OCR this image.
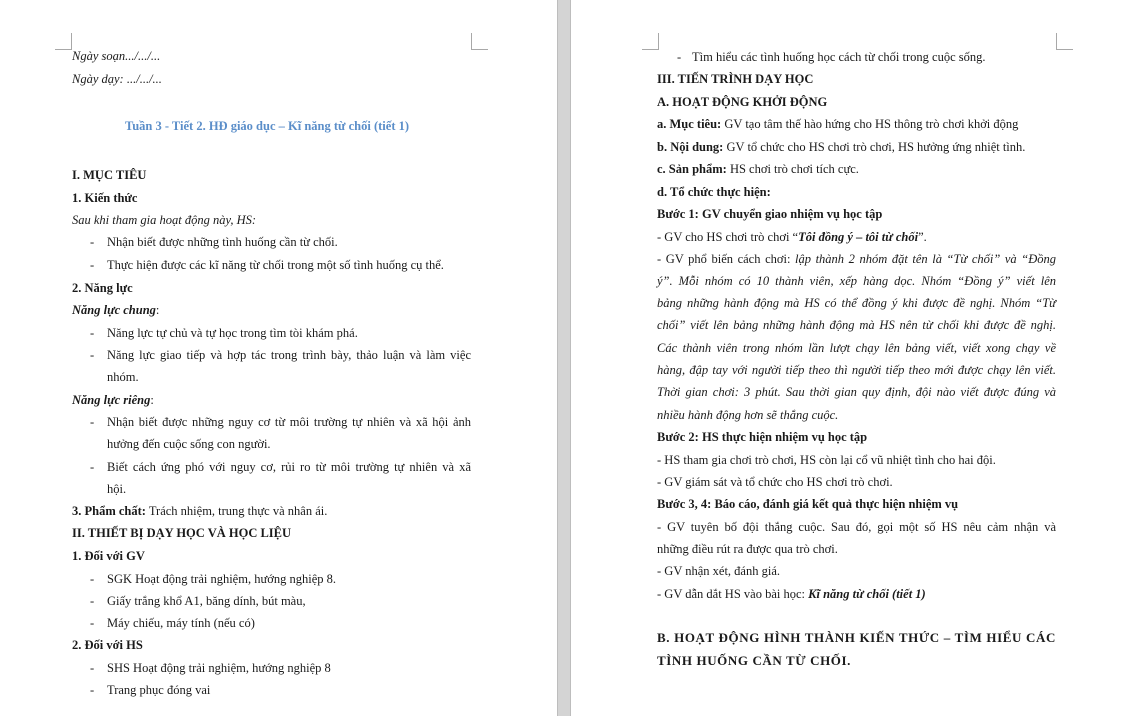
Ngày soạn.../.../...
Ngày dạy: .../.../...
Tuần 3 - Tiết 2. HĐ giáo dục – Kĩ năng từ chối (tiết 1)
I. MỤC TIÊU
1. Kiến thức
Sau khi tham gia hoạt động này, HS:
- Nhận biết được những tình huống cần từ chối.
- Thực hiện được các kĩ năng từ chối trong một số tình huống cụ thể.
2. Năng lực
Năng lực chung:
- Năng lực tự chủ và tự học trong tìm tòi khám phá.
- Năng lực giao tiếp và hợp tác trong trình bày, thảo luận và làm việc
nhóm.
Năng lực riêng:
- Nhận biết được những nguy cơ từ môi trường tự nhiên và xã hội ảnh
hưởng đến cuộc sống con người.
- Biết cách ứng phó với nguy cơ, rủi ro từ môi trường tự nhiên và xã
hội.
3. Phẩm chất: Trách nhiệm, trung thực và nhân ái.
II. THIẾT BỊ DẠY HỌC VÀ HỌC LIỆU
1. Đối với GV
- SGK Hoạt động trải nghiệm, hướng nghiệp 8.
- Giấy trắng khổ A1, băng dính, bút màu,
- Máy chiếu, máy tính (nếu có)
2. Đối với HS
- SHS Hoạt động trải nghiệm, hướng nghiệp 8
- Trang phục đóng vai
- Tìm hiểu các tình huống học cách từ chối trong cuộc sống.
III. TIẾN TRÌNH DẠY HỌC
A. HOẠT ĐỘNG KHỞI ĐỘNG
a. Mục tiêu: GV tạo tâm thế hào hứng cho HS thông trò chơi khởi động
b. Nội dung: GV tổ chức cho HS chơi trò chơi, HS hưởng ứng nhiệt tình.
c. Sản phẩm: HS chơi trò chơi tích cực.
d. Tổ chức thực hiện:
Bước 1: GV chuyển giao nhiệm vụ học tập
- GV cho HS chơi trò chơi “Tôi đồng ý – tôi từ chối”.
- GV phổ biến cách chơi: lập thành 2 nhóm đặt tên là “Từ chối” và “Đồng
ý”. Mỗi nhóm có 10 thành viên, xếp hàng dọc. Nhóm “Đồng ý” viết lên
bảng những hành động mà HS có thể đồng ý khi được đề nghị. Nhóm “Từ
chối” viết lên bảng những hành động mà HS nên từ chối khi được đề nghị.
Các thành viên trong nhóm lần lượt chạy lên bảng viết, viết xong chạy về
hàng, đập tay với người tiếp theo thì người tiếp theo mới được chạy lên viết.
Thời gian chơi: 3 phút. Sau thời gian quy định, đội nào viết được đúng và
nhiều hành động hơn sẽ thắng cuộc.
Bước 2: HS thực hiện nhiệm vụ học tập
- HS tham gia chơi trò chơi, HS còn lại cổ vũ nhiệt tình cho hai đội.
- GV giám sát và tổ chức cho HS chơi trò chơi.
Bước 3, 4: Báo cáo, đánh giá kết quả thực hiện nhiệm vụ
- GV tuyên bố đội thắng cuộc. Sau đó, gọi một số HS nêu cảm nhận và
những điều rút ra được qua trò chơi.
- GV nhận xét, đánh giá.
- GV dẫn dắt HS vào bài học: Kĩ năng từ chối (tiết 1)
B. HOẠT ĐỘNG HÌNH THÀNH KIẾN THỨC – TÌM HIỂU CÁC
TÌNH HUỐNG CẦN TỪ CHỐI.
